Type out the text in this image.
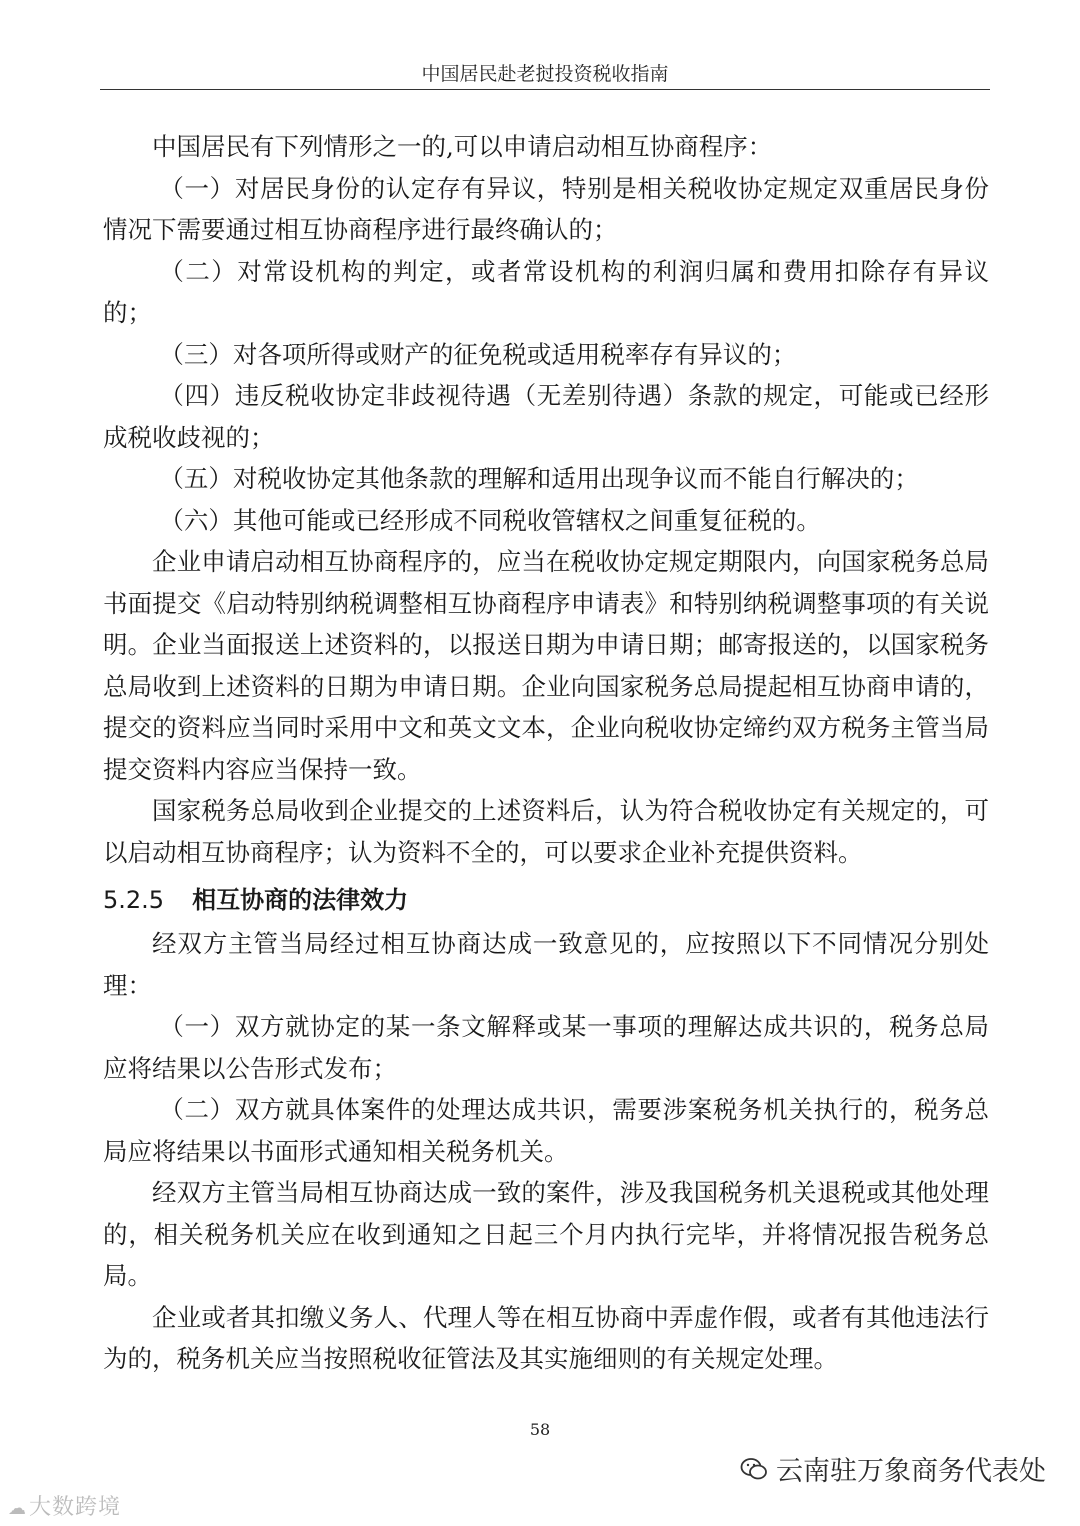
中国居民赴老挝投资税收指南

中国居民有下列情形之一的,可以申请启动相互协商程序：

（一）对居民身份的认定存有异议，特别是相关税收协定规定双重居民身份情况下需要通过相互协商程序进行最终确认的；

（二）对常设机构的判定，或者常设机构的利润归属和费用扣除存有异议的；

（三）对各项所得或财产的征免税或适用税率存有异议的；

（四）违反税收协定非歧视待遇（无差别待遇）条款的规定，可能或已经形成税收歧视的；

（五）对税收协定其他条款的理解和适用出现争议而不能自行解决的；

（六）其他可能或已经形成不同税收管辖权之间重复征税的。

企业申请启动相互协商程序的，应当在税收协定规定期限内，向国家税务总局书面提交《启动特别纳税调整相互协商程序申请表》和特别纳税调整事项的有关说明。企业当面报送上述资料的，以报送日期为申请日期；邮寄报送的，以国家税务总局收到上述资料的日期为申请日期。企业向国家税务总局提起相互协商申请的，提交的资料应当同时采用中文和英文文本，企业向税收协定缔约双方税务主管当局提交资料内容应当保持一致。

国家税务总局收到企业提交的上述资料后，认为符合税收协定有关规定的，可以启动相互协商程序；认为资料不全的，可以要求企业补充提供资料。

5.2.5 相互协商的法律效力

经双方主管当局经过相互协商达成一致意见的，应按照以下不同情况分别处理：

（一）双方就协定的某一条文解释或某一事项的理解达成共识的，税务总局应将结果以公告形式发布；

（二）双方就具体案件的处理达成共识，需要涉案税务机关执行的，税务总局应将结果以书面形式通知相关税务机关。

经双方主管当局相互协商达成一致的案件，涉及我国税务机关退税或其他处理的，相关税务机关应在收到通知之日起三个月内执行完毕，并将情况报告税务总局。

企业或者其扣缴义务人、代理人等在相互协商中弄虚作假，或者有其他违法行为的，税务机关应当按照税收征管法及其实施细则的有关规定处理。

58
云南驻万象商务代表处
☁大数跨境
